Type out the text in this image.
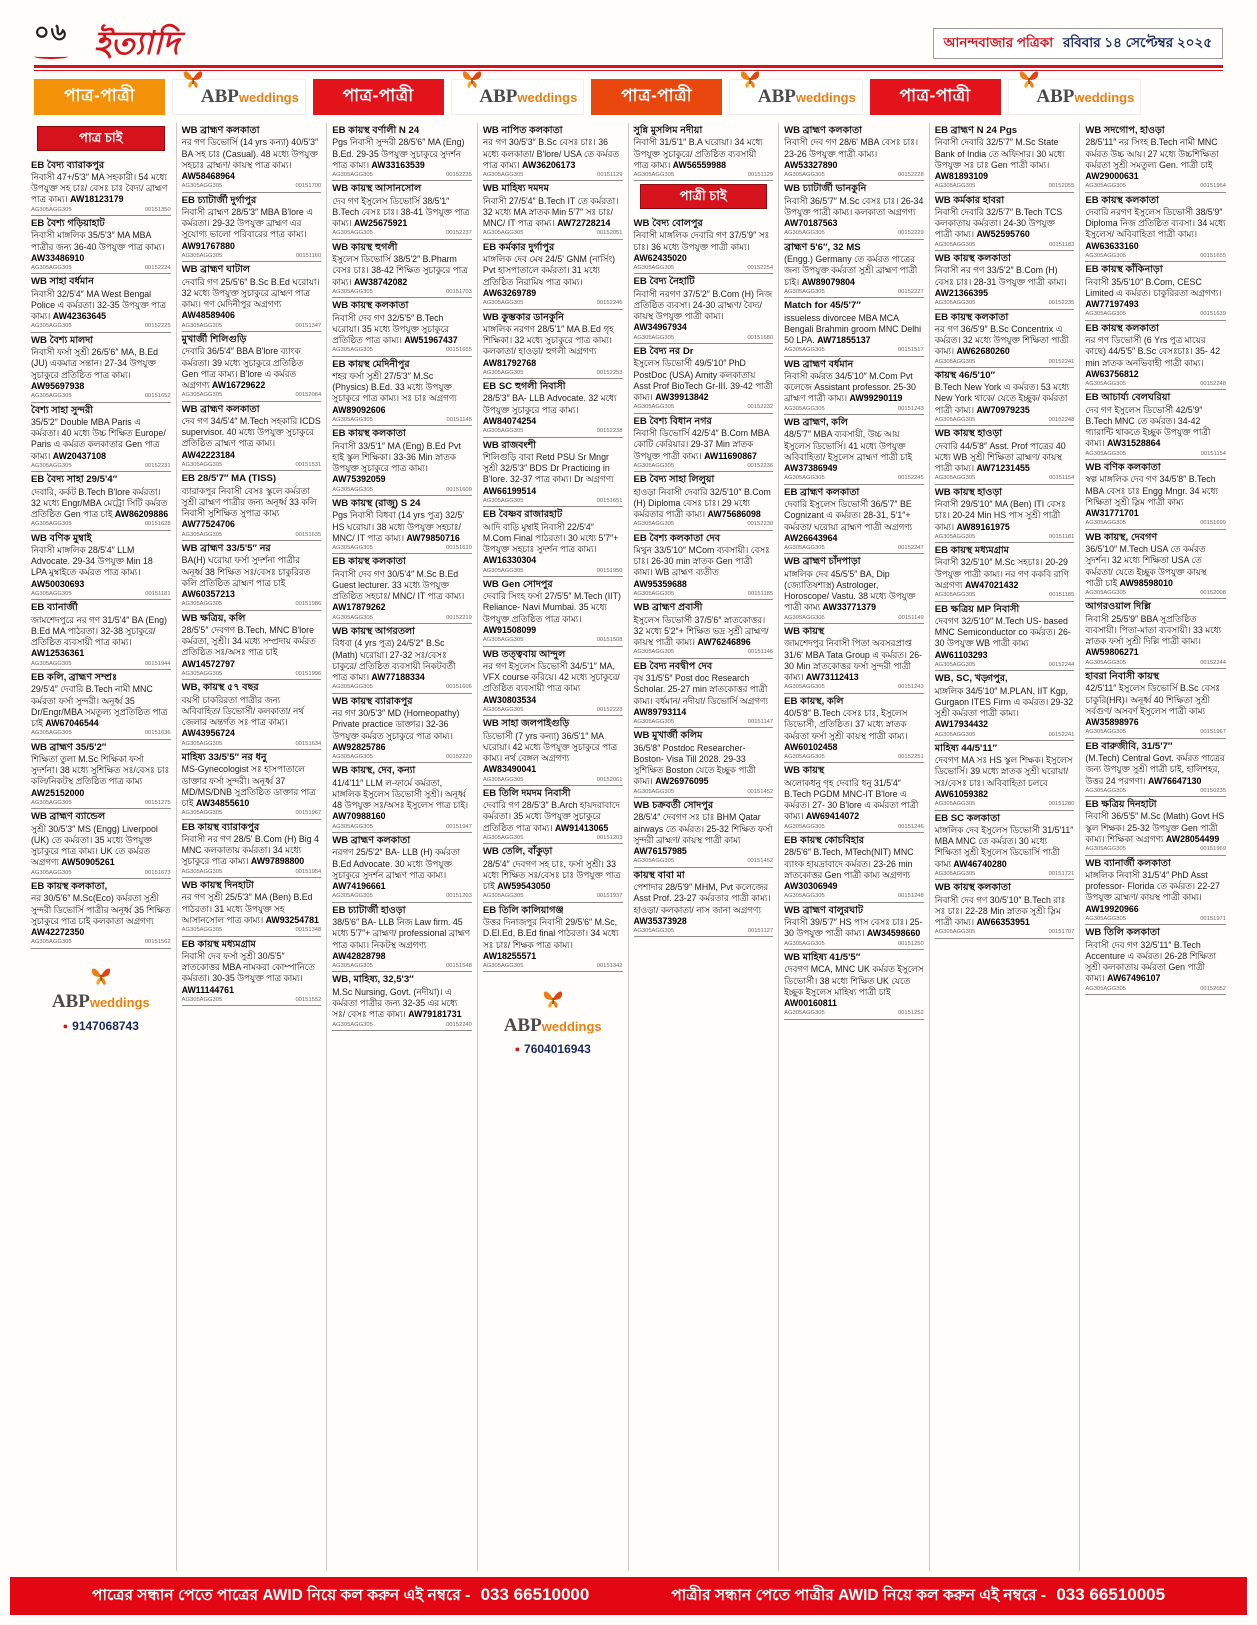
০৬ ইত্যাদি	আনন্দবাজার পত্রিকা রবিবার ১৪ সেপ্টেম্বর ২০২৫
পাত্র-পাত্রী	ABPweddings	পাত্র-পাত্রী	ABPweddings	পাত্র-পাত্রী	ABPweddings	পাত্র-পাত্রী	ABPweddings
পাত্র চাই
EB বৈদ্য ব্যারাকপুর
নিবাসী 47+/5'3″ MA সহকারী। 54 মধ্যে উপযুক্ত সহ চাঃ/ বেসঃ চাঃ বৈদ্য/ ব্রাহ্মণ পাত্র কাম্য। AW18123179
AG305AGG305	00151350
EB বৈশ্য গড়িয়াহাট
নিবাসী মাঙ্গলিক 35/5'3″ MA MBA পাত্রীর জন্য 36-40 উপযুক্ত পাত্র কাম্য। AW33486910
AG305AGG305	00152224
WB সাহা বর্ধমান
নিবাসী 32/5'4″ MA West Bengal Police এ কর্মরতা। 32-35 উপযুক্ত পাত্র কাম্য। AW42363645
AG305AGG305	00152225
WB বৈশ্য মালদা
নিবাসী ফর্সা সুশ্রী 26/5'6″ MA, B.Ed (JU) একমাত্র সন্তান। 27-34 উপযুক্ত সুচাকুরে প্রতিষ্ঠিত পাত্র কাম্য। AW95697938
AG305AGG305	00151652
বৈশ্য সাহা সুন্দরী
35/5'2″ Double MBA Paris এ কর্মরতা। 40 মধ্যে উচ্চ শিক্ষিত Europe/ Paris এ কর্মরত কলকাতার Gen পাত্র কাম্য। AW20437108
AG305AGG305	00152231
EB বৈদ্য সাহা 29/5'4″
দেবারি, কর্কট B.Tech B'lore কর্মরতা। 32 মধ্যে Engr/MBA মেট্রো সিটি কর্মরত প্রতিষ্ঠিত Gen পাত্র চাই AW86209886
AG305AGG305	00151628
WB বণিক মুম্বাই
নিবাসী মাঙ্গলিক 28/5'4″ LLM Advocate. 29-34 উপযুক্ত Min 18 LPA মুম্বাইতে কর্মরত পাত্র কাম্য। AW50030693
AG305AGG305	00151181
EB ব্যানার্জী
জামশেদপুরে নর গণ 31/5'4″ BA (Eng) B.Ed MA পাঠরতা। 32-38 সুচাকুরে/ প্রতিষ্ঠিত ব্যবসায়ী পাত্র কাম্য। AW12536361
AG305AGG305	00151944
EB কলি, ব্রাহ্মণ সম্প্রঃ
29/5'4″ দেবারি B.Tech নামী MNC কর্মরতা ফর্সা সুন্দরী। অনূর্ধ্ব 35 Dr/Engr/MBA সমতুল্য সুপ্রতিষ্ঠিত পাত্র চাই AW67046544
AG305AGG305	00151636
WB ব্রাহ্মণ 35/5'2″
শিক্ষিতা তুলা M.Sc শিক্ষিকা ফর্সা সুদর্শনা। 38 মধ্যে সুশিক্ষিত সঃ/বেসঃ চাঃ কলি/নিকটস্থ প্রতিষ্ঠিত পাত্র কাম্য AW25152000
AG305AGG305	00151275
WB ব্রাহ্মণ ব্যান্ডেল
সুশ্রী 30/5'3″ MS (Engg) Liverpool (UK) তে কর্মরতা। 35 মধ্যে উপযুক্ত সুচাকুরে পাত্র কাম্য। UK তে কর্মরত অগ্রগণ্য AW50905261
AG305AGG305	00151673
EB কায়স্থ কলকাতা,
নর 30/5'6″ M.Sc(Eco) কর্মরতা সুশ্রী সুন্দরী ডিভোর্সি পাত্রীর অনূর্ধ্ব 35 শিক্ষিত সুচাকুরে পাত্র চাই কলকাতা অগ্রগণ্য AW42272350
AG305AGG305	00151562
ABPweddings
● 9147068743
WB ব্রাহ্মণ কলকাতা
নর গণ ডিভোর্সি (14 yrs কন্যা) 40/5'3″ BA সহ চাঃ (Casual). 48 মধ্যে উপযুক্ত সহচাঃ ব্রাহ্মণ/ কায়স্থ পাত্র কাম্য। AW58468964
AG305AGG305	00151700
EB চ্যাটার্জী দুর্গাপুর
নিবাসী ব্রাহ্মণ 28/5'3″ MBA B'lore এ কর্মরতা। 29-32 উপযুক্ত ব্রাহ্মণ এর সুযোগ্য ভালো পরিবারের পাত্র কাম্য। AW91767880
AG305AGG305	00151160
WB ব্রাহ্মণ ঘাটাল
দেবারি গণ 25/5'6″ B.Sc B.Ed ঘরোয়া। 32 মধ্যে উপযুক্ত সুচাকুরে ব্রাহ্মণ পাত্র কাম্য। গণ মেদিনীপুর অগ্রগণ্য AW48589406
AG305AGG305	00151347
মুখার্জী শিলিগুড়ি
দেবারি 36/5'4″ BBA B'lore ব্যাংক কর্মরতা। 39 মধ্যে সুচাকুরে প্রতিষ্ঠিত Gen পাত্র কাম্য। B'lore এ কর্মরত অগ্রগণ্য AW16729622
AG305AGG305	00152064
WB ব্রাহ্মণ কলকাতা
দেব গণ 34/5'4″ M.Tech সহকারি ICDS supervisor. 40 মধ্যে উপযুক্ত সুচাকুরে প্রতিষ্ঠিত ব্রাহ্মণ পাত্র কাম্য। AW42223184
AG305AGG305	00151531
EB 28/5'7″ MA (TISS)
ব্যারাকপুর নিবাসী বেসঃ স্কুলে কর্মরতা সুশ্রী ব্রাহ্মণ পাত্রীর জন্য অনূর্ধ্ব 33 কলি নিবাসী সুশিক্ষিত সুপাত্র কাম্য AW77524706
AG305AGG305	00151635
WB ব্রাহ্মণ 33/5'5″ নর
BA(H) ঘরোয়া ফর্সা সুদর্শনা পাত্রীর অনূর্ধ্ব 38 শিক্ষিত সঃ/বেসঃ চাকুরিরত কলি প্রতিষ্ঠিত ব্রাহ্মণ পাত্র চাই AW60357213
AG305AGG305	00151986
WB ক্ষত্রিয়, কলি
28/5'5″ দেবগণ B.Tech, MNC B'lore কর্মরতা, সুশ্রী। 34 মধ্যে সম্প্রদায় কর্মরত প্রতিষ্ঠিত সঃ/অসঃ পাত্র চাই AW14572797
AG305AGG305	00151996
WB, কায়স্থ ৫৭ বছর
বয়সী চাকরিরতা পাত্রীর জন্য অবিবাহিত/ ডিভোর্সী/ কলকাতা/ নর্থ জেলার অন্তর্গত সঃ পাত্র কাম্য। AW43956724
AG305AGG305	00151634
মাহিষ্য 33/5'5″ নর ধনু
MS-Gynecologist সঃ হাসপাতালে ডাক্তার ফর্সা সুন্দরী। অনূর্ধ্ব 37 MD/MS/DNB সুপ্রতিষ্ঠিত ডাক্তার পাত্র চাই AW34855610
AG305AGG305	00151967
EB কায়স্থ ব্যারাকপুর
নিবাসী নর গণ 28/5' B.Com (H) Big 4 MNC কলকাতায় কর্মরতা। 34 মধ্যে সুচাকুরে পাত্র কাম্য। AW97898800
AG305AGG305	00151954
WB কায়স্থ দিনহাটা
নর গণ সুশ্রী 25/5'3″ MA (Ben) B.Ed পাঠরতা। 31 মধ্যে উপযুক্ত সহ আসানসোল পাত্র কাম্য। AW93254781
AG305AGG305	00151348
EB কায়স্থ মধ্যমগ্রাম
নিবাসী দেব ফর্সা সুশ্রী 30/5'5″ স্নাতকোত্তর MBA নামকরা কোম্পানিতে কর্মরতা। 30-35 উপযুক্ত পাত্র কাম্য। AW11144761
AG305AGG305	00151552
EB কায়স্থ বর্ণালী N 24
Pgs নিবাসী সুন্দরী 28/5'6″ MA (Eng) B.Ed. 29-35 উপযুক্ত সুচাকুরে সুদর্শন পাত্র কাম্য। AW33163539
AG305AGG305	00152235
WB কায়স্থ আসানসোল
দেব গণ ইসুলেস ডিভোর্সি 38/5'1″ B.Tech বেসঃ চাঃ। 38-41 উপযুক্ত পাত্র কাম্য। AW25675921
AG305AGG305	00152237
WB কায়স্থ হুগলী
ইসুলেস ডিভোর্সি 38/5'2″ B.Pharm বেসঃ চাঃ। 38-42 শিক্ষিত সুচাকুরে পাত্র কাম্য। AW38742082
AG305AGG305	00151703
WB কায়স্থ কলকাতা
নিবাসী দেব গণ 32/5'5″ B.Tech ঘরোয়া। 35 মধ্যে উপযুক্ত সুচাকুরে প্রতিষ্ঠিত পাত্র কাম্য। AW51967437
AG305AGG305	00151655
EB কায়স্থ মেদিনীপুর
শহর ফর্সা সুশ্রী 27/5'3″ M.Sc (Physics) B.Ed. 33 মধ্যে উপযুক্ত সুচাকুরে পাত্র কাম্য। সঃ চাঃ অগ্রগণ্য AW89092606
AG305AGG305	00151145
EB কায়স্থ কলকাতা
নিবাসী 33/5'1″ MA (Eng) B.Ed Pvt হাই স্কুল শিক্ষিকা। 33-36 Min স্নাতক উপযুক্ত সুচাকুরে পাত্র কাম্য। AW75392059
AG305AGG305	00151609
WB কায়স্থ (রাজু) S 24
Pgs নিবাসী বিধবা (14 yrs পুত্র) 32/5' HS ঘরোয়া। 38 মধ্যে উপযুক্ত সহচাঃ/ MNC/ IT পাত্র কাম্য। AW79850716
AG305AGG305	00151610
EB কায়স্থ কলকাতা
নিবাসী দেব গণ 30/5'4″ M.Sc B.Ed Guest lecturer. 33 মধ্যে উপযুক্ত প্রতিষ্ঠিত সহচাঃ/ MNC/ IT পাত্র কাম্য। AW17879262
AG305AGG305	00152219
WB কায়স্থ আগরতলা
বিধবা (4 yrs পুত্র) 24/5'2″ B.Sc (Math) ঘরোয়া। 27-32 সঃ/বেসঃ চাকুরে/ প্রতিষ্ঠিত ব্যবসায়ী নিকটবর্তী পাত্র কাম্য। AW77188334
AG305AGG305	00151606
WB কায়স্থ ব্যারাকপুর
নর গণ 30/5'3″ MD (Homeopathy) Private practice ডাক্তার। 32-36 উপযুক্ত কর্মরত সুচাকুরে পাত্র কাম্য। AW92825786
AG305AGG305	00152220
WB কায়স্থ, দেব, কন্যা
41/4'11″ LLM ল-ফার্মে কর্মরতা, মাঙ্গলিক ইসুলেস ডিভোর্সী সুশ্রী। অনূর্ধ্ব 48 উপযুক্ত সঃ/অসঃ ইসুলেস পাত্র চাই। AW70988160
AG305AGG305	00151947
WB ব্রাহ্মণ কলকাতা
নরগণ 25/5'2″ BA- LLB (H) কর্মরতা B.Ed Advocate. 30 মধ্যে উপযুক্ত সুচাকুরে সুদর্শন ব্রাহ্মণ পাত্র কাম্য। AW74196661
AG305AGG305	00151203
EB চ্যাটার্জী হাওড়া
38/5'6″ BA- LLB নিজ Law firm. 45 মধ্যে 5'7″+ ব্রাহ্মণ/ professional ব্রাহ্মণ পাত্র কাম্য। নিকটস্থ অগ্রগণ্য AW42828798
AG305AGG305	00151548
WB, মাহিষ্য, 32,5'3″
M.Sc Nursing, Govt. (নদীয়া)। এ কর্মরতা পাত্রীর জন্য 32-35 এর মধ্যে সঃ/ বেসঃ পাত্র কাম্য। AW79181731
AG305AGG305	00152240
WB নাপিত কলকাতা
নর গণ 30/5'3″ B.Sc বেসঃ চাঃ। 36 মধ্যে কলকাতা/ B'lore/ USA তে কর্মরত পাত্র কাম্য। AW36206173
AG305AGG305	00151129
WB মাহিষ্য দমদম
নিবাসী 27/5'4″ B.Tech IT তে কর্মরতা। 32 মধ্যে MA স্নাতক Min 5'7″ সঃ চাঃ/ MNC/ IT পাত্র কাম্য। AW72728214
AG305AGG305	00152051
EB কর্মকার দুর্গাপুর
মাঙ্গলিক দেব মেষ 24/5' GNM (নার্সিং) Pvt হাসপাতালে কর্মরতা। 31 মধ্যে প্রতিষ্ঠিত নিরামিষ পাত্র কাম্য। AW63269789
AG305AGG305	00152246
WB কুম্ভকার ডানকুনি
মাঙ্গলিক নরগণ 28/5'1″ MA B.Ed গৃহ শিক্ষিকা। 32 মধ্যে সুচাকুরে পাত্র কাম্য। কলকাতা/ হাওড়া/ হুগলী অগ্রগণ্য AW81792768
AG305AGG305	00152253
EB SC হুগলী নিবাসী
28/5'3″ BA- LLB Advocate. 32 মধ্যে উপযুক্ত সুচাকুরে পাত্র কাম্য। AW84074254
AG305AGG305	00152238
WB রাজবংশী
শিলিগুড়ি বাবা Retd PSU Sr Mngr সুশ্রী 32/5'3″ BDS Dr Practicing in B'lore. 32-37 পাত্র কাম্য। Dr অগ্রগণ্য AW66199514
AG305AGG305	00151651
EB বৈষ্ণব রাজারহাট
আদি বাড়ি মুম্বাই নিবাসী 22/5'4″ M.Com Final পাঠরতা। 30 মধ্যে 5'7″+ উপযুক্ত সহচাঃ সুদর্শন পাত্র কাম্য। AW16330304
AG305AGG305	00151950
WB Gen সোদপুর
দেবারি সিংহ ফর্সা 27/5'5″ M.Tech (IIT) Reliance- Navi Mumbai. 35 মধ্যে উপযুক্ত প্রতিষ্ঠিত পাত্র কাম্য। AW91508099
AG305AGG305	00151508
WB তত্ত্ববায় আন্দুল
নর গণ ইসুলেস ডিভোর্সী 34/5'1″ MA, VFX course করিয়ে। 42 মধ্যে সুচাকুরে/ প্রতিষ্ঠিত ব্যবসায়ী পাত্র কাম্য AW30803534
AG305AGG305	00152223
WB সাহা জলপাইগুড়ি
ডিভোর্সী (7 yrs কন্যা) 36/5'1″ MA ঘরোয়া। 42 মধ্যে উপযুক্ত সুচাকুরে পাত্র কাম্য। নর্থ বেঙ্গল অগ্রগণ্য AW83490041
AG305AGG305	00152061
EB তিলি দমদম নিবাসী
দেবারি গণ 28/5'3″ B.Arch হায়দরাবাদে কর্মরতা। 35 মধ্যে উপযুক্ত সুচাকুরে প্রতিষ্ঠিত পাত্র কাম্য। AW91413065
AG305AGG305	00151203
WB তেলি, বাঁকুড়া
28/5'4″ দেবগণ সহ চাঃ, ফর্সা সুশ্রী। 33 মধ্যে শিক্ষিত সঃ/বেসঃ চাঃ উপযুক্ত পাত্র চাই AW59543050
AG305AGG305	00151937
EB তিলি কালিয়াগঞ্জ
উত্তর দিনাজপুর নিবাসী 29/5'6″ M.Sc, D.El.Ed, B.Ed final পাঠরতা। 34 মধ্যে সঃ চাঃ/ শিক্ষক পাত্র কাম্য। AW18255571
AG305AGG305	00151342
ABPweddings
● 7604016943
সুন্নি মুসলিম নদীয়া
নিবাসী 31/5'1″ B.A ঘরোয়া। 34 মধ্যে উপযুক্ত সুচাকুরে/ প্রতিষ্ঠিত ব্যবসায়ী পাত্র কাম্য। AW56559988
AG305AGG305	00151129
পাত্রী চাই
WB বৈদ্য বোলপুর
নিবাসী মাঙ্গলিক দেবারি গণ 37/5'9″ সঃ চাঃ। 36 মধ্যে উপযুক্ত পাত্রী কাম্য। AW62435020
AG305AGG305	00152254
EB বৈদ্য নৈহাটি
নিবাসী নরগণ 37/5'2″ B.Com (H) নিজ প্রতিষ্ঠিত ব্যবসা। 24-30 ব্রাহ্মণ/ বৈদ্য/ কায়স্থ উপযুক্ত পাত্রী কাম্য। AW34967934
AG305AGG305	00151680
EB বৈদ্য নর Dr
ইসুলেস ডিভোর্সী 49/5'10″ PhD PostDoc (USA) Amity কলকাতায় Asst Prof BioTech Gr-III. 39-42 পাত্রী কাম্য। AW39913842
AG305AGG305	00152232
EB বৈশ্য বিধান নগর
নিবাসী ডিভোর্সি 42/5'4″ B.Com MBA কোটি কেরিয়ার। 29-37 Min স্নাতক উপযুক্ত পাত্রী কাম্য। AW11690867
AG305AGG305	00152236
EB বৈদ্য সাহা লিলুয়া
হাওড়া নিবাসী দেবারি 32/5'10″ B.Com (H) Diploma বেসঃ চাঃ। 29 মধ্যে কর্মরতার পাত্রী কাম্য। AW75686098
AG305AGG305	00152230
EB বৈশ্য কলকাতা দেব
মিথুন 33/5'10″ MCom ব্যবসায়ী। বেসঃ চাঃ। 26-30 min স্নাতক Gen পাত্রী কাম্য। WB ব্রাহ্মণ ব্যতীত AW95359688
AG305AGG305	00151185
WB ব্রাহ্মণ প্রবাসী
ইসুলেস ডিভোর্সী 37/5'6″ স্নাতকোত্তর। 32 মধ্যে 5'2″+ শিক্ষিত ভদ্র সুশ্রী ব্রাহ্মণ/ কায়স্থ পাত্রী কাম্য। AW76246896
AG305AGG305	00151146
EB বৈদ্য নবদ্বীপ দেব
বৃষ 31/5'5″ Post doc Research Scholar. 25-27 min স্নাতকোত্তর পাত্রী কাম্য। বর্ধমান/ নদীয়া/ ডিভোর্সি অগ্রগণ্য AW89793114
AG305AGG305	00151147
WB মুখার্জী কলিম
36/5'8″ Postdoc Researcher- Boston- Visa Till 2028. 29-33 সুশিক্ষিত Boston যেতে ইচ্ছুক পাত্রী কাম্য। AW26976095
AG305AGG305	00151452
WB চক্রবর্তী সোদপুর
28/5'4″ দেবগণ সঃ চাঃ BHM Qatar airways তে কর্মরত। 25-32 শিক্ষিত ফর্সা সুন্দরী ব্রাহ্মণ/ কায়স্থ পাত্রী কাম্য AW76157985
AG305AGG305	00151452
কায়স্থ বাবা মা
পেশাদার 28/5'9″ MHM, Pvt কলেজের Asst Prof. 23-27 কর্মরতার পাত্রী কাম্য। হাওড়া/ কলকাতা/ নাস জানা অগ্রগণ্য AW35373928
AG305AGG305	00151127
WB ব্রাহ্মণ কলকাতা
নিবাসী দেব গণ 28/6' MBA বেসঃ চাঃ। 23-26 উপযুক্ত পাত্রী কাম্য। AW53327890
AG305AGG305	00152228
WB চ্যাটার্জী ভানকুনি
নিবাসী 36/5'7″ M.Sc বেসঃ চাঃ। 26-34 উপযুক্ত পাত্রী কাম্য। কলকাতা অগ্রগণ্য AW70187563
AG305AGG305	00152229
ব্রাহ্মণ 5'6″, 32 MS
(Engg.) Germany তে কর্মরত পাত্রের জন্য উপযুক্ত কর্মরতা সুশ্রী ব্রাহ্মণ পাত্রী চাই। AW89079804
AG305AGG305	00152227
Match for 45/5'7″
issueless divorcee MBA MCA Bengali Brahmin groom MNC Delhi 50 LPA. AW71855137
AG305AGG305	00151517
WB ব্রাহ্মণ বর্ধমান
নিবাসী কর্মরত 34/5'10″ M.Com Pvt কলেজে Assistant professor. 25-30 ব্রাহ্মণ পাত্রী কাম্য। AW99290119
AG305AGG305	00151243
WB ব্রাহ্মণ, কলি
48/5'7″ MBA ব্যবসায়ী, উচ্চ আয় ইসুলেস ডিভোর্সি। 41 মধ্যে উপযুক্ত অবিবাহিতা/ ইসুলেস ব্রাহ্মণ পাত্রী চাই AW37386949
AG305AGG305	00152245
EB ব্রাহ্মণ কলকাতা
দেবারি ইসুলেস ডিভোর্সী 36/5'7″ BE Cognizant এ কর্মরত। 28-31, 5'1″+ কর্মরতা/ ঘরোয়া ব্রাহ্মণ পাত্রী অগ্রগণ্য AW26643964
AG305AGG305	00152247
WB ব্রাহ্মণ চাঁদপাড়া
মাঙ্গলিক দেব 45/5'5″ BA, Dip (জ্যোতিষশাস্ত্র) Astrologer, Horoscope/ Vastu. 38 মধ্যে উপযুক্ত পাত্রী কাম্য AW33771379
AG305AGG305	00151149
WB কায়স্থ
জামশেদপুর নিবাসী পিতা অবসরপ্রাপ্ত 31/6' MBA Tata Group এ কর্মরত। 26-30 Min স্নাতকোত্তর ফর্সা সুন্দরী পাত্রী কাম্য। AW73112413
AG305AGG305	00151243
EB কায়স্থ, কলি
40/5'8″ B.Tech বেসঃ চাঃ, ইসুলেস ডিভোর্সী, প্রতিষ্ঠিত। 37 মধ্যে স্নাতক কর্মরতা ফর্সা সুশ্রী কায়স্থ পাত্রী কাম্য। AW60102458
AG305AGG305	00152251
WB কায়স্থ
অলোকধনু গৃহ দেবারি ধনু 31/5'4″ B.Tech PGDM MNC-IT B'lore এ কর্মরত। 27- 30 B'lore এ কর্মরতা পাত্রী কাম্য। AW69414072
AG305AGG305	00151246
EB কায়স্থ কোচবিহার
28/5'6″ B.Tech, MTech(NIT) MNC ব্যাংক হায়দ্রাবাদে কর্মরত। 23-26 min স্নাতকোত্তর Gen পাত্রী কাম্য অগ্রগণ্য AW30306949
AG305AGG305	00151248
WB ব্রাহ্মণ বালুরঘাট
নিবাসী 39/5'7″ HS পাস বেসঃ চাঃ। 25-30 উপযুক্ত পাত্রী কাম্য। AW34598660
AG305AGG305	00151250
WB মাহিষ্য 41/5'5″
দেবগণ MCA, MNC UK কর্মরত ইসুলেস ডিভোর্সী। 38 মধ্যে শিক্ষিত UK যেতে ইচ্ছুক ইসুলেস মাহিষ্য পাত্রী চাই AW00160811
AG305AGG305	00151252
EB ব্রাহ্মণ N 24 Pgs
নিবাসী দেবারি 32/5'7″ M.Sc State Bank of India তে অফিসার। 30 মধ্যে উপযুক্ত সঃ চাঃ Gen পাত্রী কাম্য। AW81893109
AG305AGG305	00152055
WB কর্মকার হাবরা
নিবাসী দেবারি 32/5'7″ B.Tech TCS কলকাতায় কর্মরতা। 24-30 উপযুক্ত পাত্রী কাম্য। AW52595760
AG305AGG305	00151183
WB কায়স্থ কলকাতা
নিবাসী নর গণ 33/5'2″ B.Com (H) বেসঃ চাঃ। 28-31 উপযুক্ত পাত্রী কাম্য। AW21366395
AG305AGG305	00152235
EB কায়স্থ কলকাতা
নর গণ 36/5'9″ B.Sc Concentrix এ কর্মরত। 32 মধ্যে উপযুক্ত শিক্ষিতা পাত্রী কাম্য। AW62680260
AG305AGG305	00152241
কায়স্থ 46/5'10″
B.Tech New York এ কর্মরত। 53 মধ্যে New York থাকে/ যেতে ইচ্ছুক/ কর্মরতা পাত্রী কাম্য। AW70979235
AG305AGG305	00152248
WB কায়স্থ হাওড়া
দেবারি 44/5'8″ Asst. Prof পাত্রের 40 মধ্যে WB সুশ্রী শিক্ষিতা ব্রাহ্মণ/ কায়স্থ পাত্রী কাম্য। AW71231455
AG305AGG305	00151154
WB কায়স্থ হাওড়া
নিবাসী 29/5'10″ MA (Ben) ITI বেসঃ চাঃ। 20-24 Min HS পাস সুশ্রী পাত্রী কাম্য। AW89161975
AG305AGG305	00151181
EB কায়স্থ মধ্যমগ্রাম
নিবাসী 32/5'10″ M.Sc সহচাঃ। 20-29 উপযুক্ত পাত্রী কাম্য। নর গণ ককবি রাণি অগ্রগণ্য AW47021432
AG305AGG305	00151185
EB ক্ষত্রিয় MP নিবাসী
দেবগণ 32/5'10″ M.Tech US- based MNC Semiconductor co কর্মরত। 26-30 উপযুক্ত WB পাত্রী কাম্য AW61103293
AG305AGG305	00152244
WB, SC, খড়্গপুর,
মাঙ্গলিক 34/5'10″ M.PLAN, IIT Kgp, Gurgaon ITES Firm এ কর্মরত। 29-32 সুশ্রী কর্মরতা পাত্রী কাম্য। AW17934432
AG305AGG305	00152241
মাহিষ্য 44/5'11″
দেবগণ MA সঃ HS স্কুল শিক্ষক। ইসুলেস ডিভোর্সি। 39 মধ্যে স্নাতক সুশ্রী ঘরোয়া/ সঃ/বেসঃ চাঃ। অবিবাহিতা চলবে AW61059382
AG305AGG305	00151280
EB SC কলকাতা
মাঙ্গলিক দেব ইসুলেস ডিভোর্সী 31/5'11″ MBA MNC তে কর্মরত। 30 মধ্যে শিক্ষিতা সুশ্রী ইসুলেস ডিভোর্সি পাত্রী কাম্য AW46740280
AG305AGG305	00151721
WB কায়স্থ কলকাতা
নিবাসী দেব গণ 30/5'10″ B.Tech রাঃ সঃ চাঃ। 22-28 Min স্নাতক সুশ্রী স্লিম পাত্রী কাম্য। AW66353951
AG305AGG305	00151707
WB সদগোপ, হাওড়া
28/5'11″ নর সিংহ B.Tech নামী MNC কর্মরত উচ্চ আয়। 27 মধ্যে উচ্চশিক্ষিতা কর্মরতা সুশ্রী সমতুল্য Gen. পাত্রী চাই AW29000631
AG305AGG305	00151964
EB কায়স্থ কলকাতা
দেবারি নরগণ ইসুলেস ডিভোর্সী 38/5'9″ Diploma নিজ প্রতিষ্ঠিত ব্যবসা। 34 মধ্যে ইসুলেস/ অবিবাহিতা পাত্রী কাম্য। AW63633160
AG305AGG305	00151655
EB কায়স্থ কাঁকিনাড়া
নিবাসী 35/5'10″ B.Com, CESC Limited এ কর্মরত। চাকুরিরতা অগ্রগণ্য। AW77197493
AG305AGG305	00151639
EB কায়স্থ কলকাতা
নর গণ ডিভোর্সী (6 Yrs পুত্র মায়ের কাছে) 44/5'5″ B.Sc বেসঃচাঃ। 35- 42 min স্নাতক অনভিবাহী পাত্রী কাম্য। AW63756812
AG305AGG305	00152248
EB আচার্য্য বেলঘরিয়া
দেব গণ ইসুলেস ডিভোর্সী 42/5'9″ B.Tech MNC তে কর্মরত। 34-42 গ্যারান্টি থাকতে ইচ্ছুক উপযুক্ত পাত্রী কাম্য। AW31528864
AG305AGG305	00151154
WB বণিক কলকাতা
স্বল্প মাঙ্গলিক দেব গণ 34/5'8″ B.Tech MBA বেসঃ চাঃ Engg Mngr. 34 মধ্যে শিক্ষিতা সুশ্রী স্লিম পাত্রী কাম্য AW31771701
AG305AGG305	00151699
WB কায়স্থ, দেবগণ
36/5'10″ M.Tech USA তে কর্মরত সুদর্শন। 32 মধ্যে শিক্ষিতা USA তে কর্মরতা/ যেতে ইচ্ছুক উপযুক্ত কায়স্থ পাত্রী চাই AW98598010
AG305AGG305	00152008
আগরওয়াল দিল্লি
নিবাসী 25/5'9″ BBA সুপ্রতিষ্ঠিত ব্যবসায়ী। পিতা-মাতা ব্যবসায়ী। 33 মধ্যে স্নাতক ফর্সা সুশ্রী দিল্লি পাত্রী কাম্য। AW59806271
AG305AGG305	00152244
হাবরা নিবাসী কায়স্থ
42/5'11″ ইসুলেস ডিভোর্সি B.Sc বেসঃ চাকুরি(HR)। অনূর্ধ্ব 40 শিক্ষিতা সুশ্রী সর্বগুণ/ অসবর্ণ ইসুলেস পাত্রী কাম্য AW35898976
AG305AGG305	00151967
EB বারুজীবি, 31/5'7″
(M.Tech) Central Govt. কর্মরত পাত্রের জন্য উপযুক্ত সুশ্রী পাত্রী চাই, হালিশহর, উত্তর 24 পরগণা। AW76647130
AG305AGG305	00150235
EB ক্ষত্রিয় দিনহাটা
নিবাসী 36/5'5″ M.Sc (Math) Govt HS স্কুল শিক্ষক। 25-32 উপযুক্ত Gen পাত্রী কাম্য। শিক্ষিকা অগ্রগণ্য AW28054499
AG305AGG305	00151969
WB ব্যানার্জী কলকাতা
মাঙ্গলিক নিবাসী 31/5'4″ PhD Asst professor- Florida তে কর্মরত। 22-27 উপযুক্ত ব্রাহ্মণ/ কায়স্থ পাত্রী কাম্য। AW19920966
AG305AGG305	00151971
WB তিলি কলকাতা
নিবাসী দেব গণ 32/5'11″ B.Tech Accenture এ কর্মরত। 26-28 শিক্ষিতা সুশ্রী কলকাতায় কর্মরতা Gen পাত্রী কাম্য। AW67496107
AG305AGG305	00152052
পাত্রের সন্ধান পেতে পাত্রের AWID নিয়ে কল করুন এই নম্বরে - 033 66510000	পাত্রীর সন্ধান পেতে পাত্রীর AWID নিয়ে কল করুন এই নম্বরে - 033 66510005
